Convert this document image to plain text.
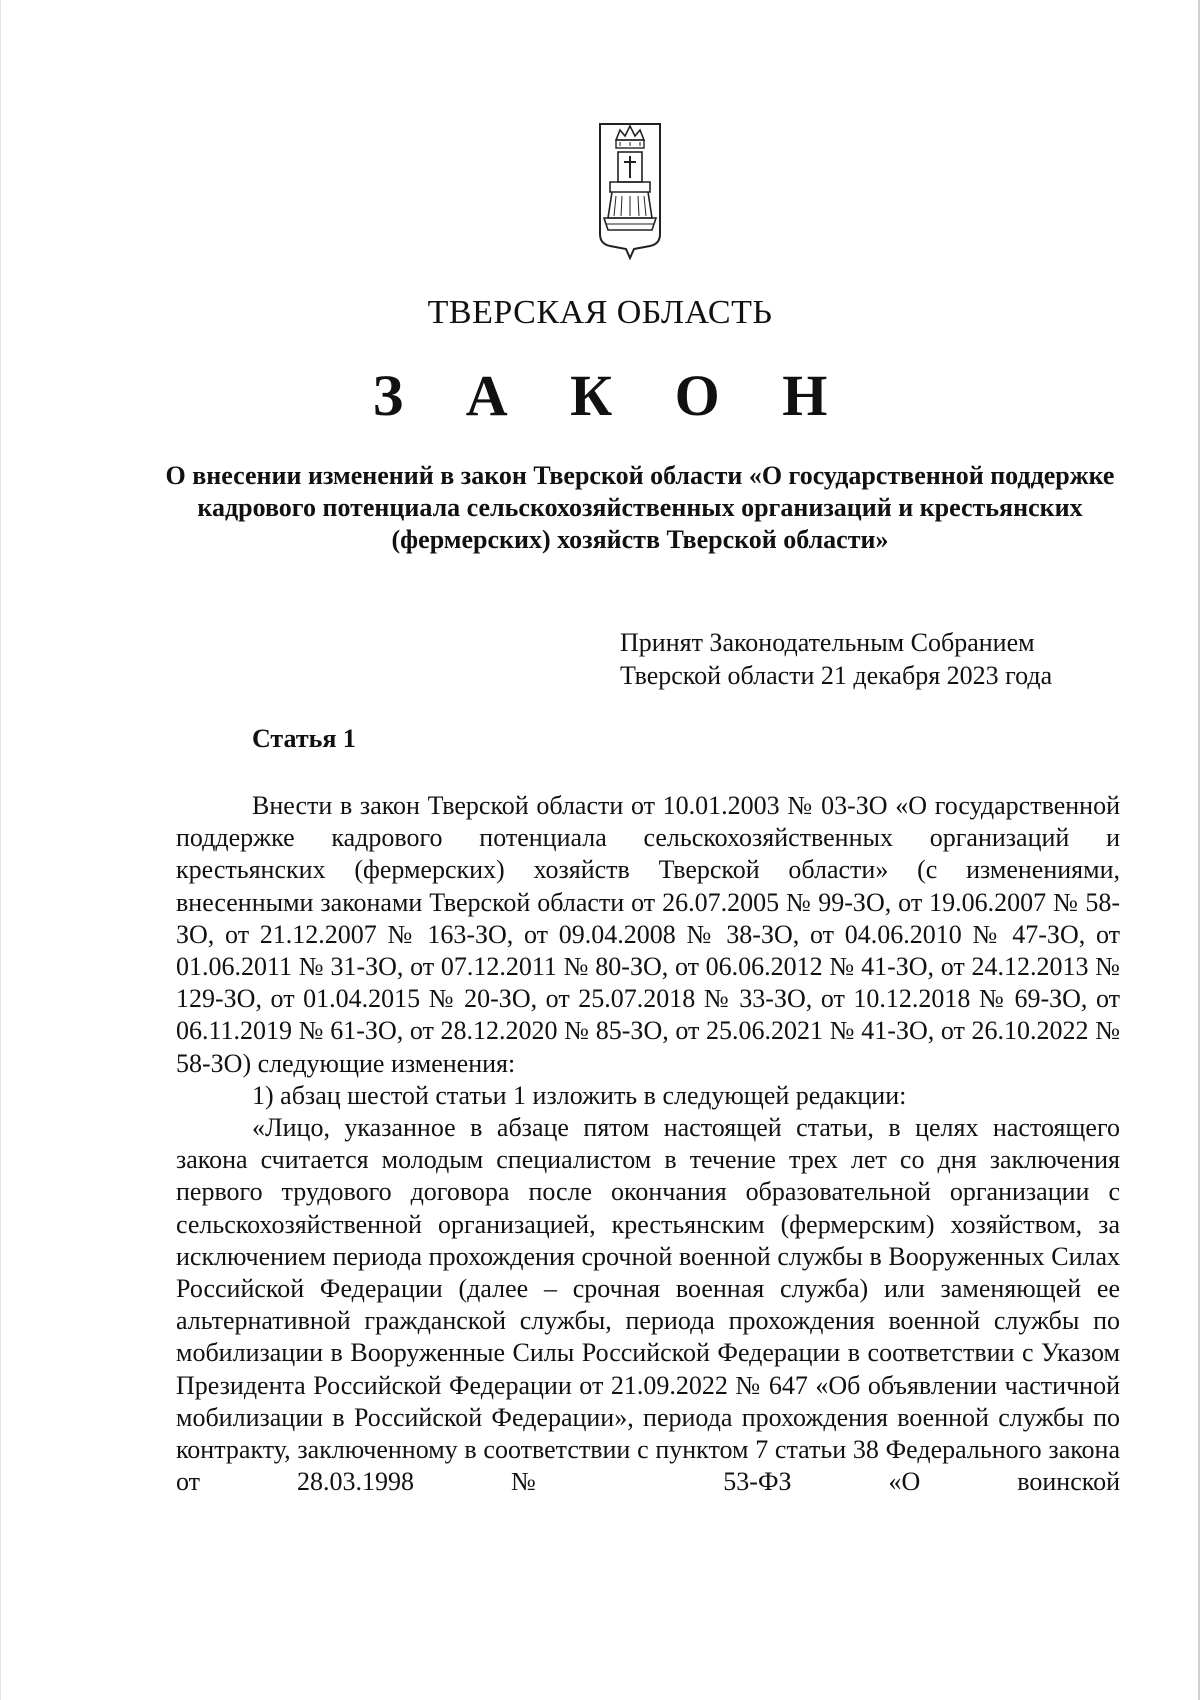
ТВЕРСКАЯ ОБЛАСТЬ
З А К О Н
О внесении изменений в закон Тверской области «О государственной поддержке кадрового потенциала сельскохозяйственных организаций и крестьянских (фермерских) хозяйств Тверской области»
Принят Законодательным Собранием
Тверской области 21 декабря 2023 года
Статья 1

Внести в закон Тверской области от 10.01.2003 № 03-ЗО «О государственной поддержке кадрового потенциала сельскохозяйственных организаций и крестьянских (фермерских) хозяйств Тверской области» (с изменениями, внесенными законами Тверской области от 26.07.2005 № 99-ЗО, от 19.06.2007 № 58-ЗО, от 21.12.2007 № 163-ЗО, от 09.04.2008 № 38-ЗО, от 04.06.2010 № 47-ЗО, от 01.06.2011 № 31-ЗО, от 07.12.2011 № 80-ЗО, от 06.06.2012 № 41-ЗО, от 24.12.2013 № 129-ЗО, от 01.04.2015 № 20-ЗО, от 25.07.2018 № 33-ЗО, от 10.12.2018 № 69-ЗО, от 06.11.2019 № 61-ЗО, от 28.12.2020 № 85-ЗО, от 25.06.2021 № 41-ЗО, от 26.10.2022 № 58-ЗО) следующие изменения:

1) абзац шестой статьи 1 изложить в следующей редакции:

«Лицо, указанное в абзаце пятом настоящей статьи, в целях настоящего закона считается молодым специалистом в течение трех лет со дня заключения первого трудового договора после окончания образовательной организации с сельскохозяйственной организацией, крестьянским (фермерским) хозяйством, за исключением периода прохождения срочной военной службы в Вооруженных Силах Российской Федерации (далее – срочная военная служба) или заменяющей ее альтернативной гражданской службы, периода прохождения военной службы по мобилизации в Вооруженные Силы Российской Федерации в соответствии с Указом Президента Российской Федерации от 21.09.2022 № 647 «Об объявлении частичной мобилизации в Российской Федерации», периода прохождения военной службы по контракту, заключенному в соответствии с пунктом 7 статьи 38 Федерального закона от 28.03.1998 № 53-ФЗ «О воинской
